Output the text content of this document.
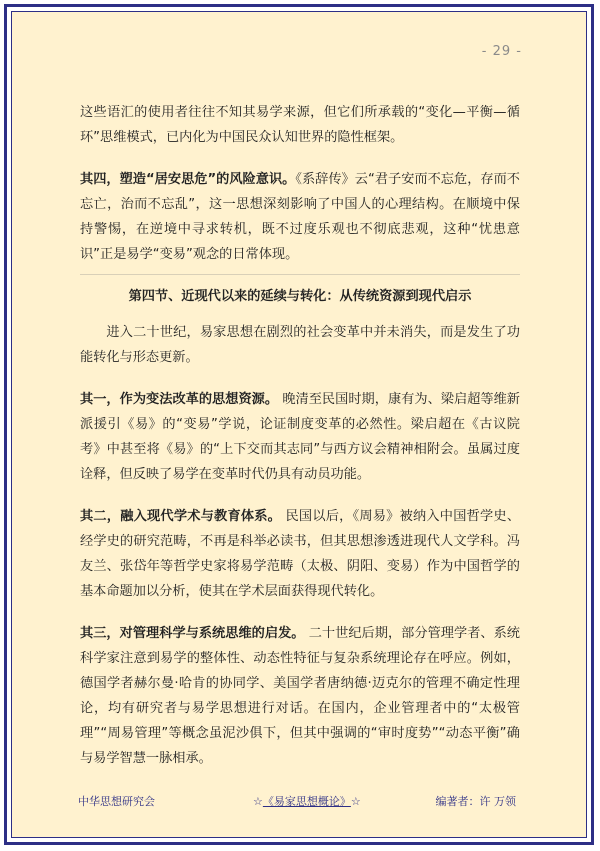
- 29 -

这些语汇的使用者往往不知其易学来源，但它们所承载的“变化—平衡—循环”思维模式，已内化为中国民众认知世界的隐性框架。

其四，塑造“居安思危”的风险意识。《系辞传》云“君子安而不忘危，存而不忘亡，治而不忘乱”，这一思想深刻影响了中国人的心理结构。在顺境中保持警惕，在逆境中寻求转机，既不过度乐观也不彻底悲观，这种“忧患意识”正是易学“变易”观念的日常体现。

第四节、近现代以来的延续与转化：从传统资源到现代启示

进入二十世纪，易家思想在剧烈的社会变革中并未消失，而是发生了功能转化与形态更新。

其一，作为变法改革的思想资源。 晚清至民国时期，康有为、梁启超等维新派援引《易》的“变易”学说，论证制度变革的必然性。梁启超在《古议院考》中甚至将《易》的“上下交而其志同”与西方议会精神相附会。虽属过度诠释，但反映了易学在变革时代仍具有动员功能。

其二，融入现代学术与教育体系。 民国以后，《周易》被纳入中国哲学史、经学史的研究范畴，不再是科举必读书，但其思想渗透进现代人文学科。冯友兰、张岱年等哲学史家将易学范畴（太极、阴阳、变易）作为中国哲学的基本命题加以分析，使其在学术层面获得现代转化。

其三，对管理科学与系统思维的启发。 二十世纪后期，部分管理学者、系统科学家注意到易学的整体性、动态性特征与复杂系统理论存在呼应。例如，德国学者赫尔曼·哈肯的协同学、美国学者唐纳德·迈克尔的管理不确定性理论，均有研究者与易学思想进行对话。在国内，企业管理者中的“太极管理”“周易管理”等概念虽泥沙俱下，但其中强调的“审时度势”“动态平衡”确与易学智慧一脉相承。

中华思想研究会	☆《易家思想概论》☆	编著者：许 万领
